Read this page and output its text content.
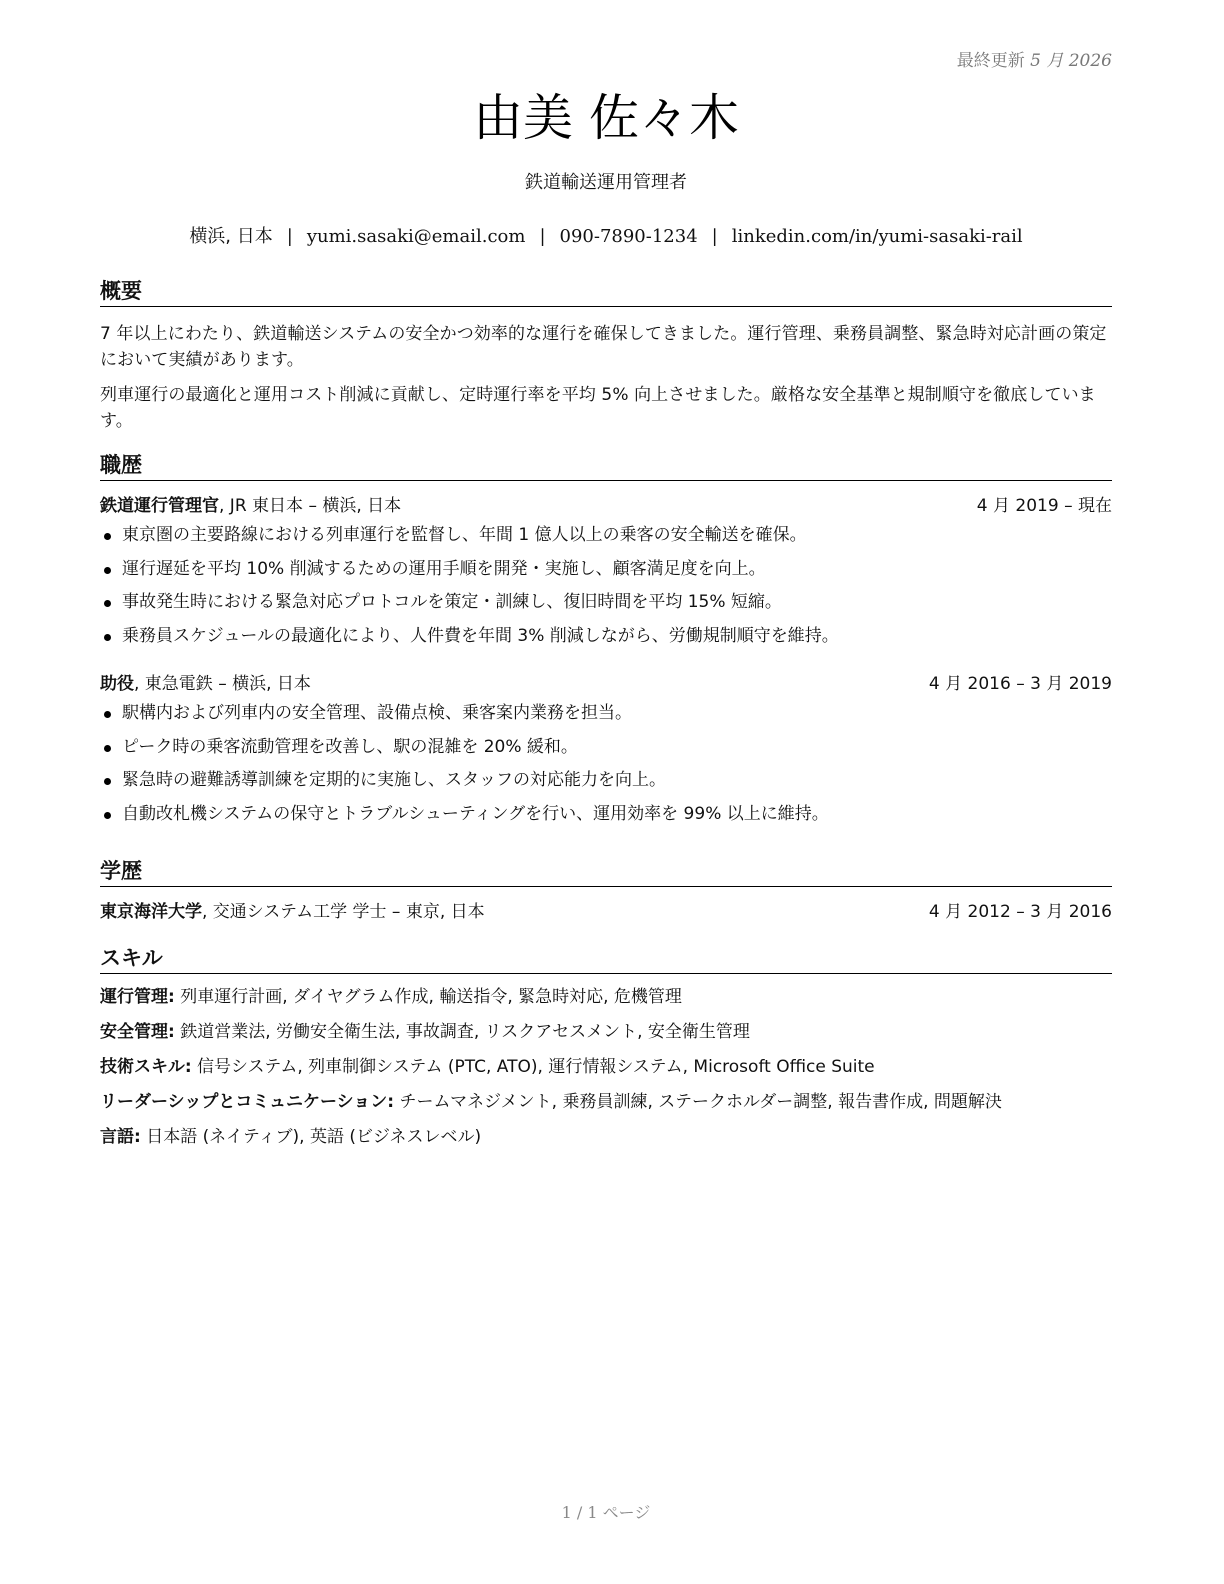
最終更新 5 月 2026
由美 佐々木
鉄道輸送運用管理者
横浜, 日本 | yumi.sasaki@email.com | 090-7890-1234 | linkedin.com/in/yumi-sasaki-rail
概要

7 年以上にわたり、鉄道輸送システムの安全かつ効率的な運行を確保してきました。運行管理、乗務員調整、緊急時対応計画の策定において実績があります。

列車運行の最適化と運用コスト削減に貢献し、定時運行率を平均 5% 向上させました。厳格な安全基準と規制順守を徹底しています。

職歴
鉄道運行管理官, JR 東日本 – 横浜, 日本	4 月 2019 – 現在
東京圏の主要路線における列車運行を監督し、年間 1 億人以上の乗客の安全輸送を確保。
運行遅延を平均 10% 削減するための運用手順を開発・実施し、顧客満足度を向上。
事故発生時における緊急対応プロトコルを策定・訓練し、復旧時間を平均 15% 短縮。
乗務員スケジュールの最適化により、人件費を年間 3% 削減しながら、労働規制順守を維持。
助役, 東急電鉄 – 横浜, 日本	4 月 2016 – 3 月 2019
駅構内および列車内の安全管理、設備点検、乗客案内業務を担当。
ピーク時の乗客流動管理を改善し、駅の混雑を 20% 緩和。
緊急時の避難誘導訓練を定期的に実施し、スタッフの対応能力を向上。
自動改札機システムの保守とトラブルシューティングを行い、運用効率を 99% 以上に維持。
学歴
東京海洋大学, 交通システム工学 学士 – 東京, 日本	4 月 2012 – 3 月 2016
スキル

運行管理: 列車運行計画, ダイヤグラム作成, 輸送指令, 緊急時対応, 危機管理

安全管理: 鉄道営業法, 労働安全衛生法, 事故調査, リスクアセスメント, 安全衛生管理

技術スキル: 信号システム, 列車制御システム (PTC, ATO), 運行情報システム, Microsoft Office Suite

リーダーシップとコミュニケーション: チームマネジメント, 乗務員訓練, ステークホルダー調整, 報告書作成, 問題解決

言語: 日本語 (ネイティブ), 英語 (ビジネスレベル)

1 / 1 ページ
